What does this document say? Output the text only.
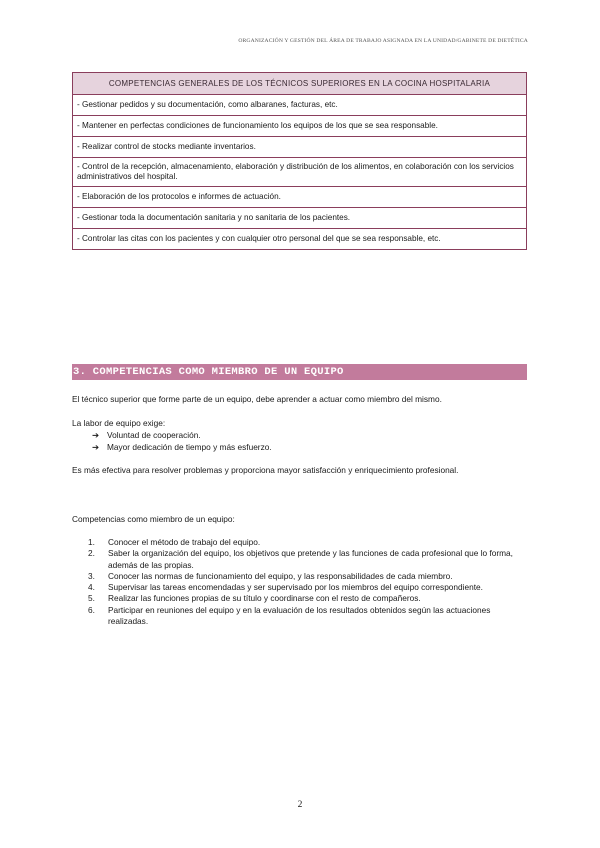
ORGANIZACIÓN Y GESTIÓN DEL ÁREA DE TRABAJO ASIGNADA EN LA UNIDAD/GABINETE DE DIETÉTICA
COMPETENCIAS GENERALES DE LOS TÉCNICOS SUPERIORES EN LA COCINA HOSPITALARIA
- Gestionar pedidos y su documentación, como albaranes, facturas, etc.
- Mantener en perfectas condiciones de funcionamiento los equipos de los que se sea responsable.
- Realizar control de stocks mediante inventarios.
- Control de la recepción, almacenamiento, elaboración y distribución de los alimentos, en colaboración con los servicios administrativos del hospital.
- Elaboración de los protocolos e informes de actuación.
- Gestionar toda la documentación sanitaria y no sanitaria de los pacientes.
- Controlar las citas con los pacientes y con cualquier otro personal del que se sea responsable, etc.
3. COMPETENCIAS COMO MIEMBRO DE UN EQUIPO
El técnico superior que forme parte de un equipo, debe aprender a actuar como miembro del mismo.
La labor de equipo exige:
➔ Voluntad de cooperación.
➔ Mayor dedicación de tiempo y más esfuerzo.
Es más efectiva para resolver problemas y proporciona mayor satisfacción y enriquecimiento profesional.
Competencias como miembro de un equipo:
1.	Conocer el método de trabajo del equipo.
2.	Saber la organización del equipo, los objetivos que pretende y las funciones de cada profesional que lo forma, además de las propias.
3.	Conocer las normas de funcionamiento del equipo, y las responsabilidades de cada miembro.
4.	Supervisar las tareas encomendadas y ser supervisado por los miembros del equipo correspondiente.
5.	Realizar las funciones propias de su título y coordinarse con el resto de compañeros.
6.	Participar en reuniones del equipo y en la evaluación de los resultados obtenidos según las actuaciones realizadas.
2
